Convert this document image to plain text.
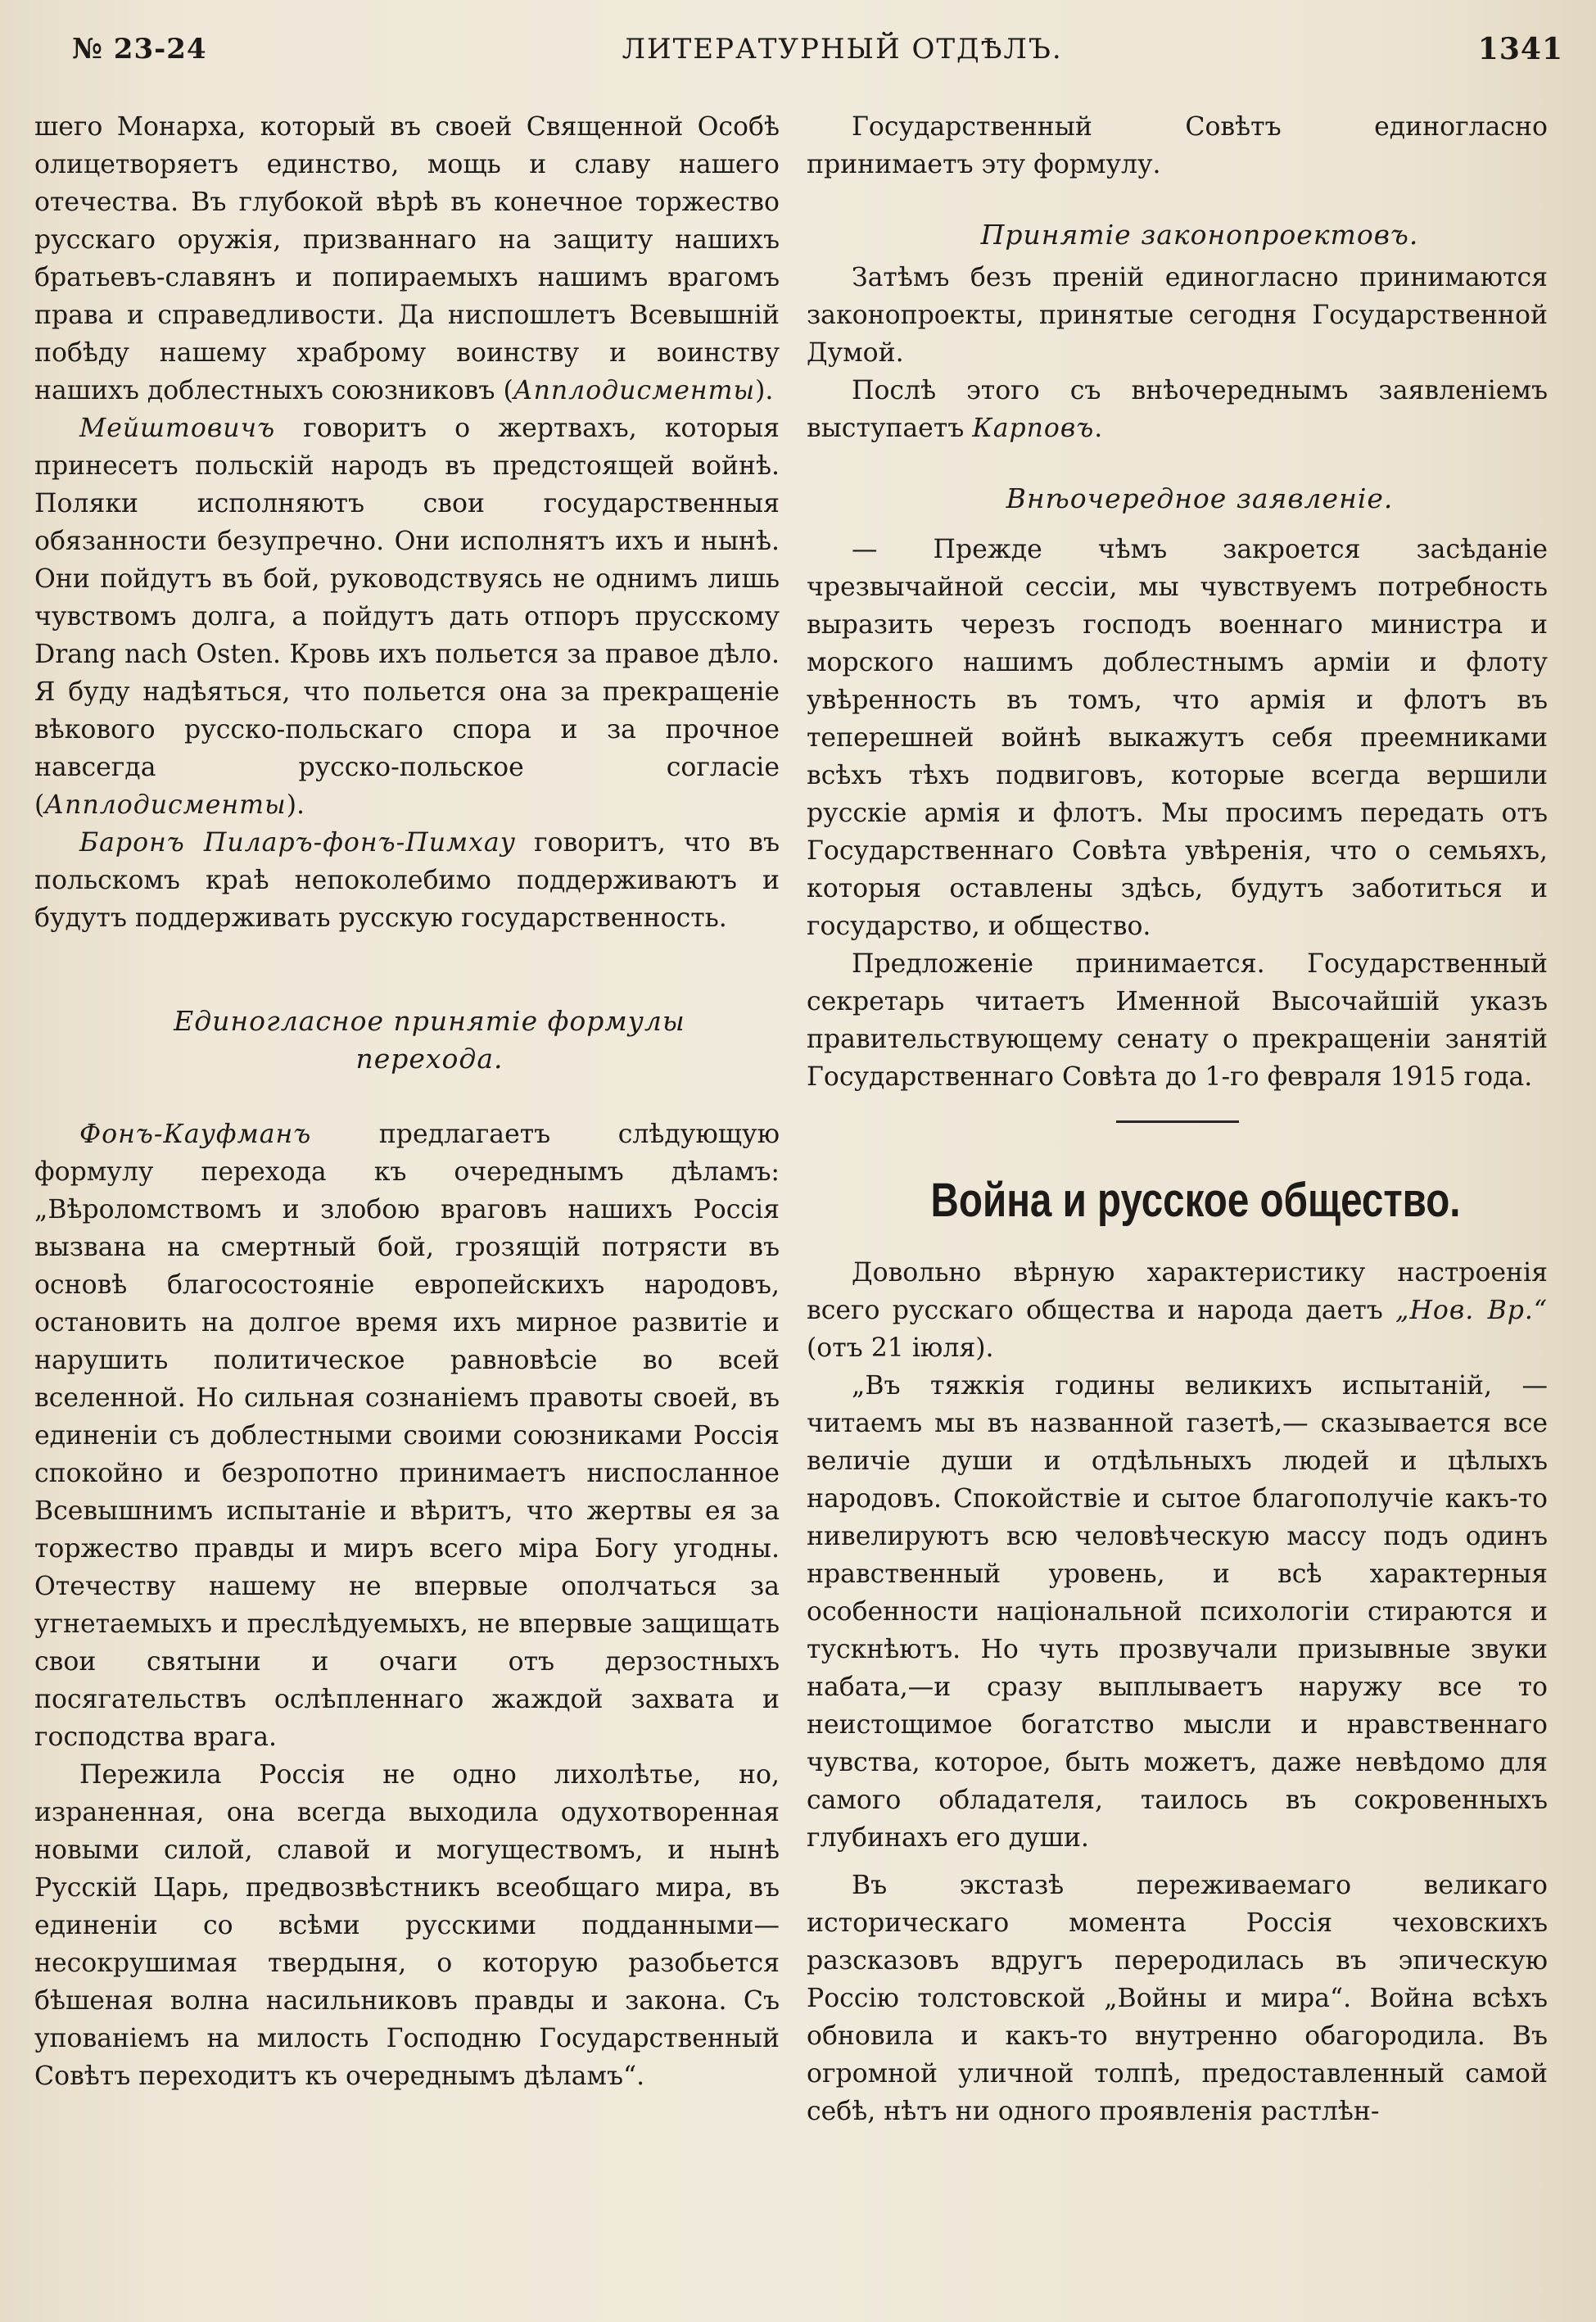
№ 23-24	ЛИТЕРАТУРНЫЙ ОТДѢЛЪ.	1341

шего Монарха, который въ своей Священной Особѣ олицетворяетъ единство, мощь и славу нашего отечества. Въ глубокой вѣрѣ въ конечное торжество русскаго оружія, призваннаго на защиту нашихъ братьевъ-славянъ и попираемыхъ нашимъ врагомъ права и справедливости. Да ниспошлетъ Всевышній побѣду нашему храброму воинству и воинству нашихъ доблестныхъ союзниковъ (Апплодисменты).

Мейштовичъ говоритъ о жертвахъ, которыя принесетъ польскій народъ въ предстоящей войнѣ. Поляки исполняютъ свои государственныя обязанности безупречно. Они исполнятъ ихъ и нынѣ. Они пойдутъ въ бой, руководствуясь не однимъ лишь чувствомъ долга, а пойдутъ дать отпоръ прусскому Drang nach Osten. Кровь ихъ польется за правое дѣло. Я буду надѣяться, что польется она за прекращеніе вѣкового русско-польскаго спора и за прочное навсегда русско-польское согласіе (Апплодисменты).

Баронъ Пиларъ-фонъ-Пимхау говоритъ, что въ польскомъ краѣ непоколебимо поддерживаютъ и будутъ поддерживать русскую государственность.

Единогласное принятіе формулы

перехода.

Фонъ-Кауфманъ предлагаетъ слѣдующую формулу перехода къ очереднымъ дѣламъ: „Вѣроломствомъ и злобою враговъ нашихъ Россія вызвана на смертный бой, грозящій потрясти въ основѣ благосостояніе европейскихъ народовъ, остановить на долгое время ихъ мирное развитіе и нарушить политическое равновѣсіе во всей вселенной. Но сильная сознаніемъ правоты своей, въ единеніи съ доблестными своими союзниками Россія спокойно и безропотно принимаетъ ниспосланное Всевышнимъ испытаніе и вѣритъ, что жертвы ея за торжество правды и миръ всего міра Богу угодны. Отечеству нашему не впервые ополчаться за угнетаемыхъ и преслѣдуемыхъ, не впервые защищать свои святыни и очаги отъ дерзостныхъ посягательствъ ослѣпленнаго жаждой захвата и господства врага.

Пережила Россія не одно лихолѣтье, но, израненная, она всегда выходила одухотворенная новыми силой, славой и могуществомъ, и нынѣ Русскій Царь, предвозвѣстникъ всеобщаго мира, въ единеніи со всѣми русскими подданными—несокрушимая твердыня, о которую разобьется бѣшеная волна насильниковъ правды и закона. Съ упованіемъ на милость Господню Государственный Совѣтъ переходитъ къ очереднымъ дѣламъ“.

Государственный Совѣтъ единогласно принимаетъ эту формулу.

Принятіе законопроектовъ.

Затѣмъ безъ преній единогласно принимаются законопроекты, принятые сегодня Государственной Думой.

Послѣ этого съ внѣочереднымъ заявленіемъ выступаетъ Карповъ.

Внѣочередное заявленіе.

— Прежде чѣмъ закроется засѣданіе чрезвычайной сессіи, мы чувствуемъ потребность выразить черезъ господъ военнаго министра и морского нашимъ доблестнымъ арміи и флоту увѣренность въ томъ, что армія и флотъ въ теперешней войнѣ выкажутъ себя преемниками всѣхъ тѣхъ подвиговъ, которые всегда вершили русскіе армія и флотъ. Мы просимъ передать отъ Государственнаго Совѣта увѣренія, что о семьяхъ, которыя оставлены здѣсь, будутъ заботиться и государство, и общество.

Предложеніе принимается. Государственный секретарь читаетъ Именной Высочайшій указъ правительствующему сенату о прекращеніи занятій Государственнаго Совѣта до 1-го февраля 1915 года.

Война и русское общество.

Довольно вѣрную характеристику настроенія всего русскаго общества и народа даетъ „Нов. Вр.“ (отъ 21 іюля).

„Въ тяжкія годины великихъ испытаній, — читаемъ мы въ названной газетѣ,— сказывается все величіе души и отдѣльныхъ людей и цѣлыхъ народовъ. Спокойствіе и сытое благополучіе какъ-то нивелируютъ всю человѣческую массу подъ одинъ нравственный уровень, и всѣ характерныя особенности національной психологіи стираются и тускнѣютъ. Но чуть прозвучали призывные звуки набата,—и сразу выплываетъ наружу все то неистощимое богатство мысли и нравственнаго чувства, которое, быть можетъ, даже невѣдомо для самого обладателя, таилось въ сокровенныхъ глубинахъ его души.

Въ экстазѣ переживаемаго великаго историческаго момента Россія чеховскихъ разсказовъ вдругъ переродилась въ эпическую Россію толстовской „Войны и мира“. Война всѣхъ обновила и какъ-то внутренно обагородила. Въ огромной уличной толпѣ, предоставленный самой себѣ, нѣтъ ни одного проявленія растлѣн-
